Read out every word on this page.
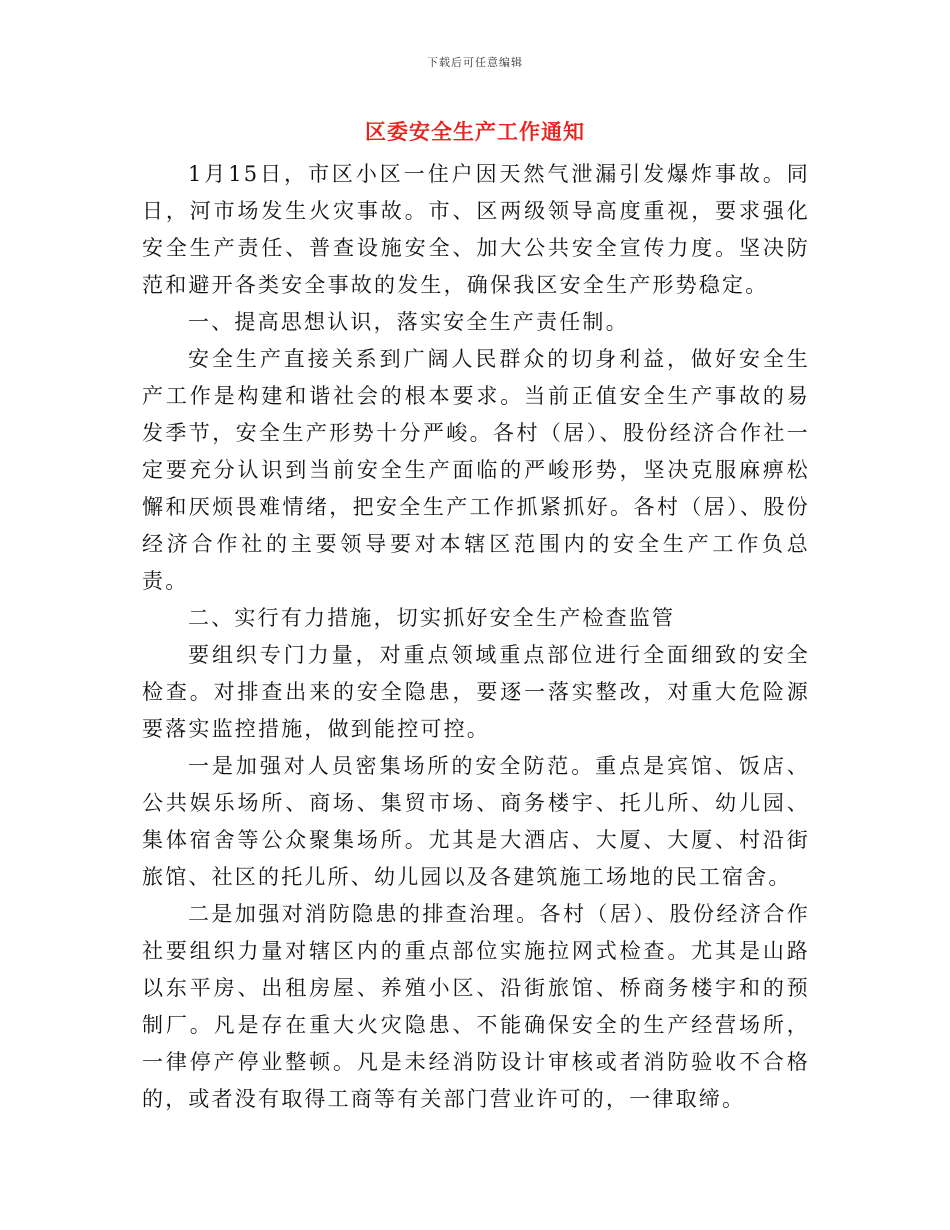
下载后可任意编辑
区委安全生产工作通知

1月15日，市区小区一住户因天然气泄漏引发爆炸事故。同日，河市场发生火灾事故。市、区两级领导高度重视，要求强化安全生产责任、普查设施安全、加大公共安全宣传力度。坚决防范和避开各类安全事故的发生，确保我区安全生产形势稳定。

一、提高思想认识，落实安全生产责任制。

安全生产直接关系到广阔人民群众的切身利益，做好安全生产工作是构建和谐社会的根本要求。当前正值安全生产事故的易发季节，安全生产形势十分严峻。各村（居）、股份经济合作社一定要充分认识到当前安全生产面临的严峻形势，坚决克服麻痹松懈和厌烦畏难情绪，把安全生产工作抓紧抓好。各村（居）、股份经济合作社的主要领导要对本辖区范围内的安全生产工作负总责。

二、实行有力措施，切实抓好安全生产检查监管

要组织专门力量，对重点领域重点部位进行全面细致的安全检查。对排查出来的安全隐患，要逐一落实整改，对重大危险源要落实监控措施，做到能控可控。

一是加强对人员密集场所的安全防范。重点是宾馆、饭店、公共娱乐场所、商场、集贸市场、商务楼宇、托儿所、幼儿园、集体宿舍等公众聚集场所。尤其是大酒店、大厦、大厦、村沿街旅馆、社区的托儿所、幼儿园以及各建筑施工场地的民工宿舍。

二是加强对消防隐患的排查治理。各村（居）、股份经济合作社要组织力量对辖区内的重点部位实施拉网式检查。尤其是山路以东平房、出租房屋、养殖小区、沿街旅馆、桥商务楼宇和的预制厂。凡是存在重大火灾隐患、不能确保安全的生产经营场所，一律停产停业整顿。凡是未经消防设计审核或者消防验收不合格的，或者没有取得工商等有关部门营业许可的，一律取缔。
